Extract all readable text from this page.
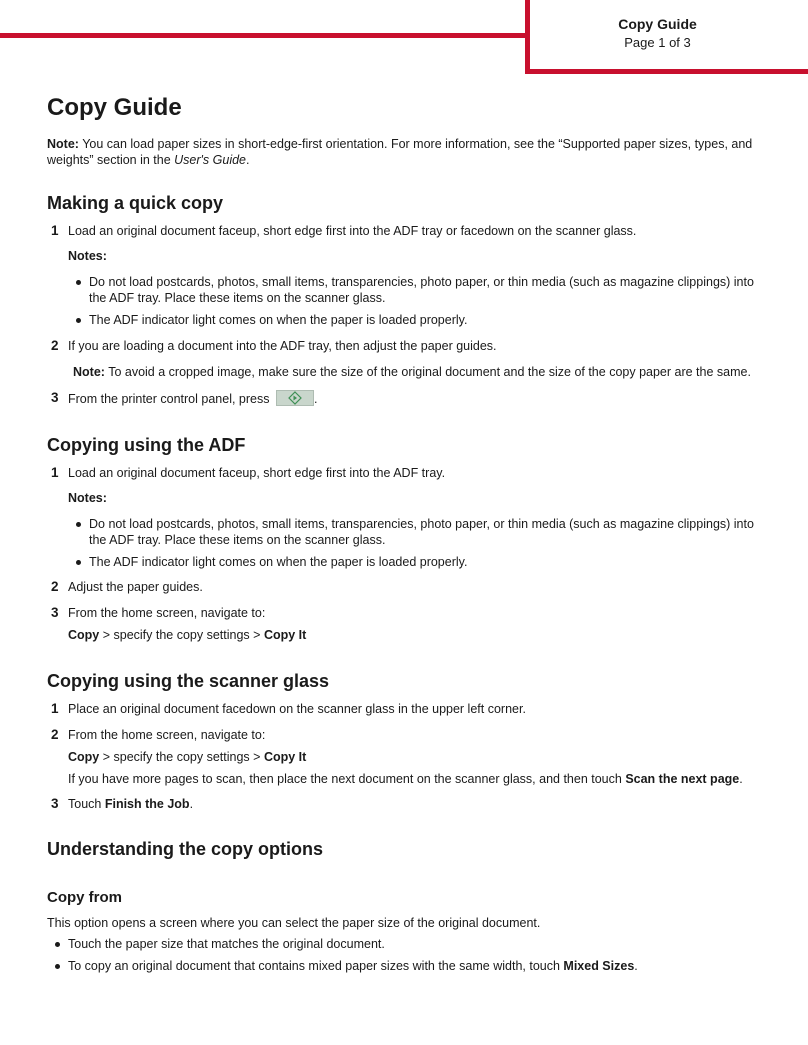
Copy Guide
Page 1 of 3
Copy Guide

Note: You can load paper sizes in short-edge-first orientation. For more information, see the “Supported paper sizes, types, and weights” section in the User's Guide.

Making a quick copy
1 Load an original document faceup, short edge first into the ADF tray or facedown on the scanner glass.

Notes:

Do not load postcards, photos, small items, transparencies, photo paper, or thin media (such as magazine clippings) into the ADF tray. Place these items on the scanner glass.
The ADF indicator light comes on when the paper is loaded properly.
2 If you are loading a document into the ADF tray, then adjust the paper guides.

Note: To avoid a cropped image, make sure the size of the original document and the size of the copy paper are the same.

3 From the printer control panel, press	.

Copying using the ADF
1 Load an original document faceup, short edge first into the ADF tray.

Notes:

Do not load postcards, photos, small items, transparencies, photo paper, or thin media (such as magazine clippings) into the ADF tray. Place these items on the scanner glass.
The ADF indicator light comes on when the paper is loaded properly.
2 Adjust the paper guides.

3 From the home screen, navigate to:

Copy > specify the copy settings > Copy It

Copying using the scanner glass
1 Place an original document facedown on the scanner glass in the upper left corner.

2 From the home screen, navigate to:

Copy > specify the copy settings > Copy It

If you have more pages to scan, then place the next document on the scanner glass, and then touch Scan the next page.

3 Touch Finish the Job.

Understanding the copy options
Copy from

This option opens a screen where you can select the paper size of the original document.

Touch the paper size that matches the original document.
To copy an original document that contains mixed paper sizes with the same width, touch Mixed Sizes.
